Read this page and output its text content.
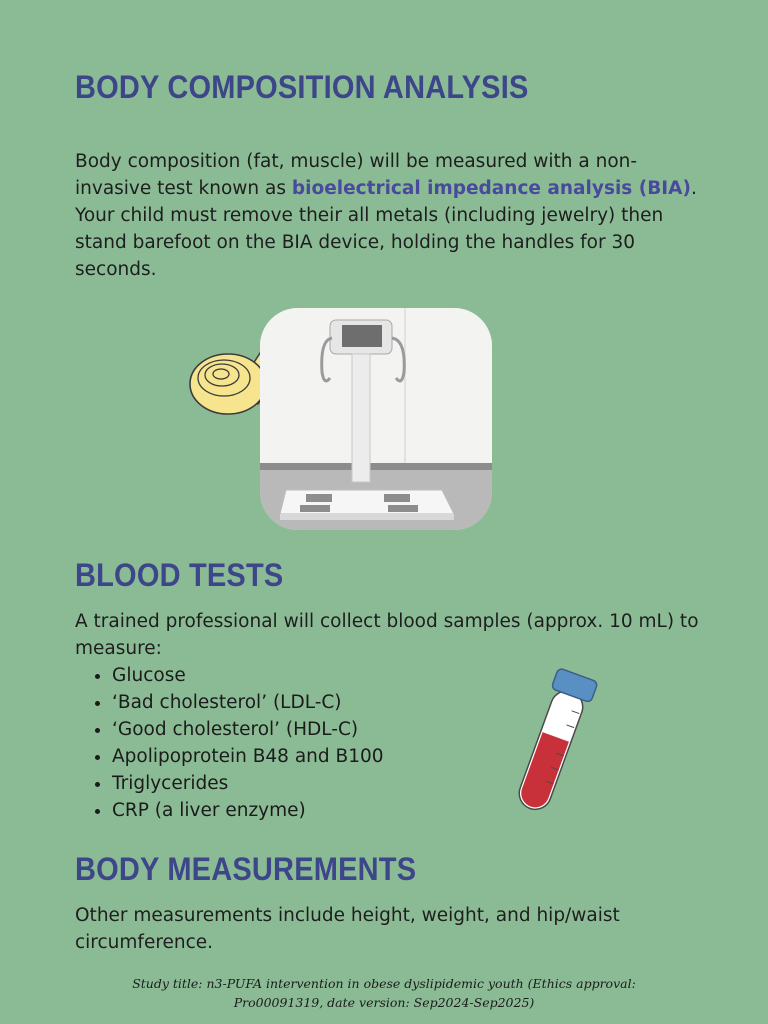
BODY COMPOSITION ANALYSIS

Body composition (fat, muscle) will be measured with a non-invasive test known as bioelectrical impedance analysis (BIA). Your child must remove their all metals (including jewelry) then stand barefoot on the BIA device, holding the handles for 30 seconds.

BLOOD TESTS

A trained professional will collect blood samples (approx. 10 mL) to measure:

• Glucose
• ‘Bad cholesterol’ (LDL-C)
• ‘Good cholesterol’ (HDL-C)
• Apolipoprotein B48 and B100
• Triglycerides
• CRP (a liver enzyme)
BODY MEASUREMENTS

Other measurements include height, weight, and hip/waist circumference.

Study title: n3-PUFA intervention in obese dyslipidemic youth (Ethics approval:
Pro00091319, date version: Sep2024-Sep2025)
